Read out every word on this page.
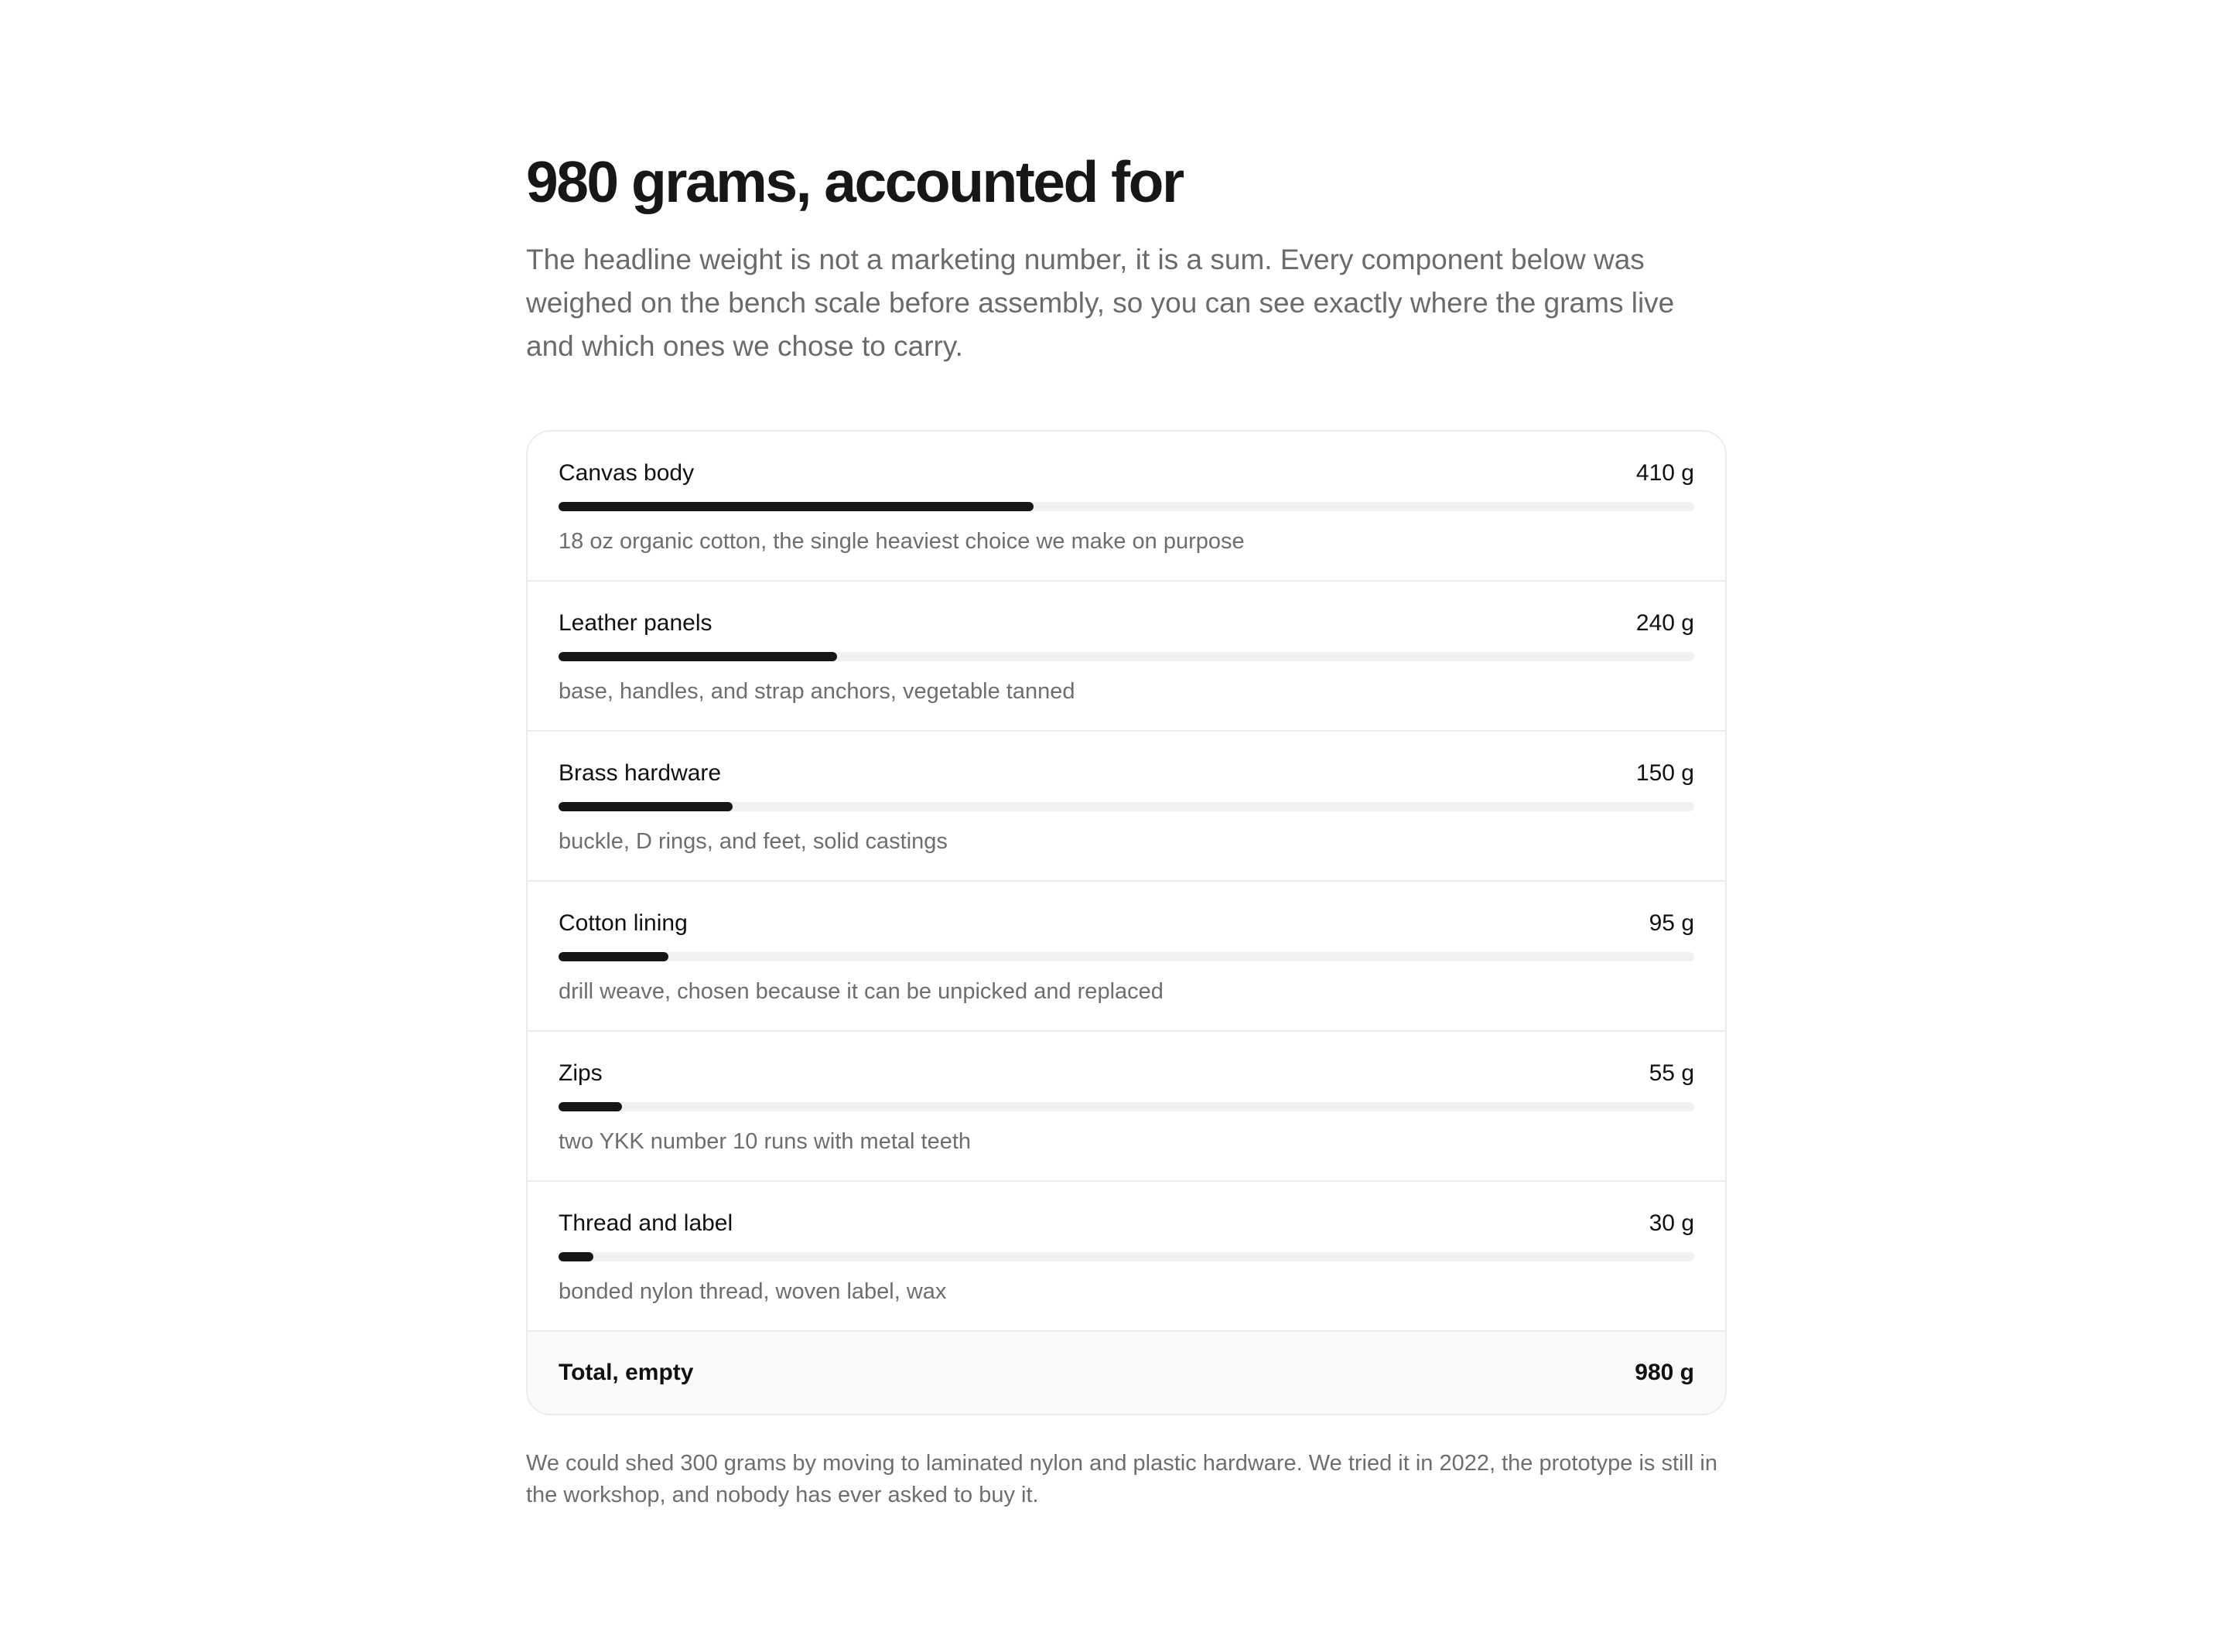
980 grams, accounted for

The headline weight is not a marketing number, it is a sum. Every component below was weighed on the bench scale before assembly, so you can see exactly where the grams live and which ones we chose to carry.

Canvas body	410 g
18 oz organic cotton, the single heaviest choice we make on purpose
Leather panels	240 g
base, handles, and strap anchors, vegetable tanned
Brass hardware	150 g
buckle, D rings, and feet, solid castings
Cotton lining	95 g
drill weave, chosen because it can be unpicked and replaced
Zips	55 g
two YKK number 10 runs with metal teeth
Thread and label	30 g
bonded nylon thread, woven label, wax
Total, empty	980 g

We could shed 300 grams by moving to laminated nylon and plastic hardware. We tried it in 2022, the prototype is still in the workshop, and nobody has ever asked to buy it.
